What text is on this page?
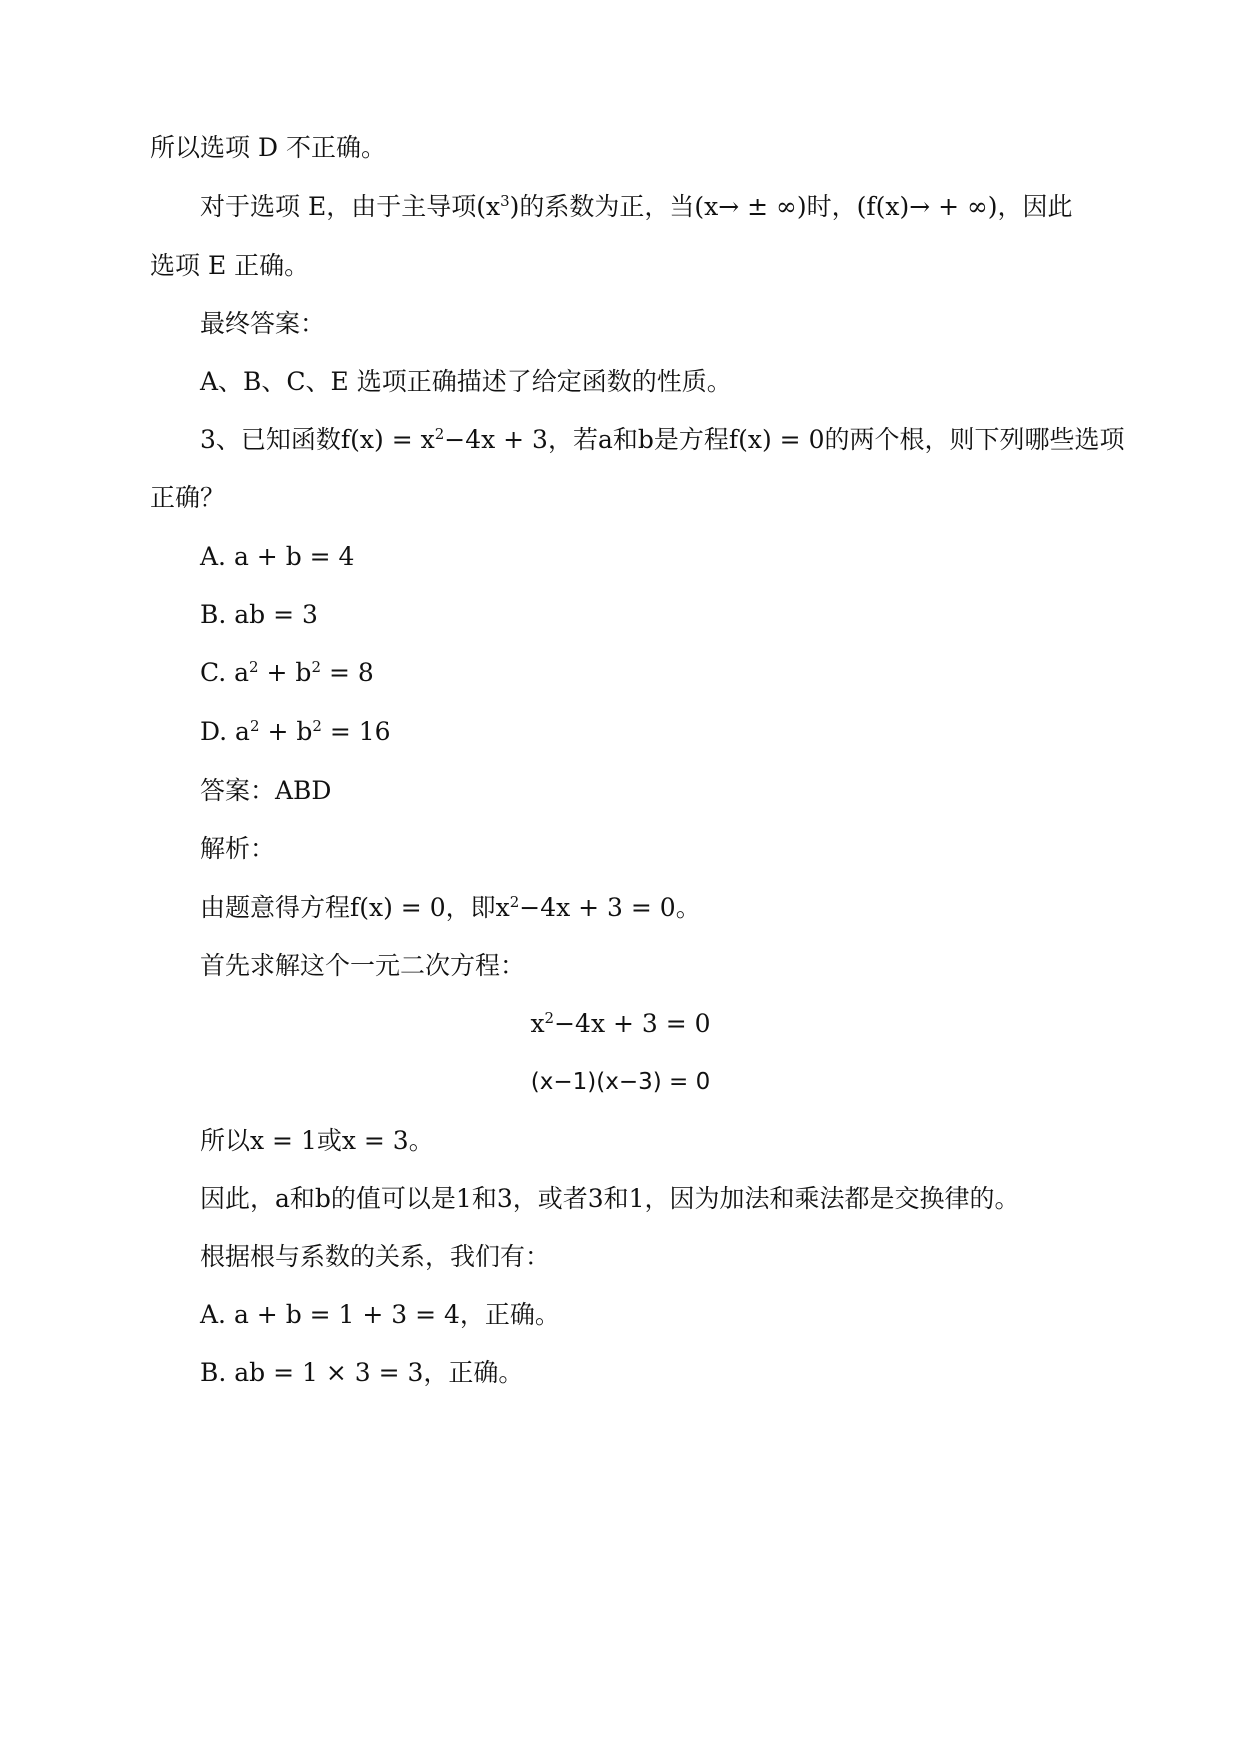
所以选项 D 不正确。
对于选项 E，由于主导项$(x^3)$的系数为正，当(x→ ± ∞)时，(f(x)→ + ∞)，因此
选项 E 正确。
最终答案：
A、B、C、E 选项正确描述了给定函数的性质。
3、已知函数$f(x) = x^2-4x + 3$，若a和b是方程f(x) = 0的两个根，则下列哪些选项
正确？
A. a + b = 4
B. ab = 3
C. $a^2 + b^2 = 8$
D. $a^2 + b^2 = 16$
答案：ABD
解析：
由题意得方程f(x) = 0，即$x^2-4x + 3 = 0$。
首先求解这个一元二次方程：
$x^2-4x + 3 = 0$
(x−1)(x−3) = 0
所以x = 1或x = 3。
因此，a和b的值可以是1和3，或者3和1，因为加法和乘法都是交换律的。
根据根与系数的关系，我们有：
A. a + b = 1 + 3 = 4，正确。
B. ab = 1 × 3 = 3，正确。
